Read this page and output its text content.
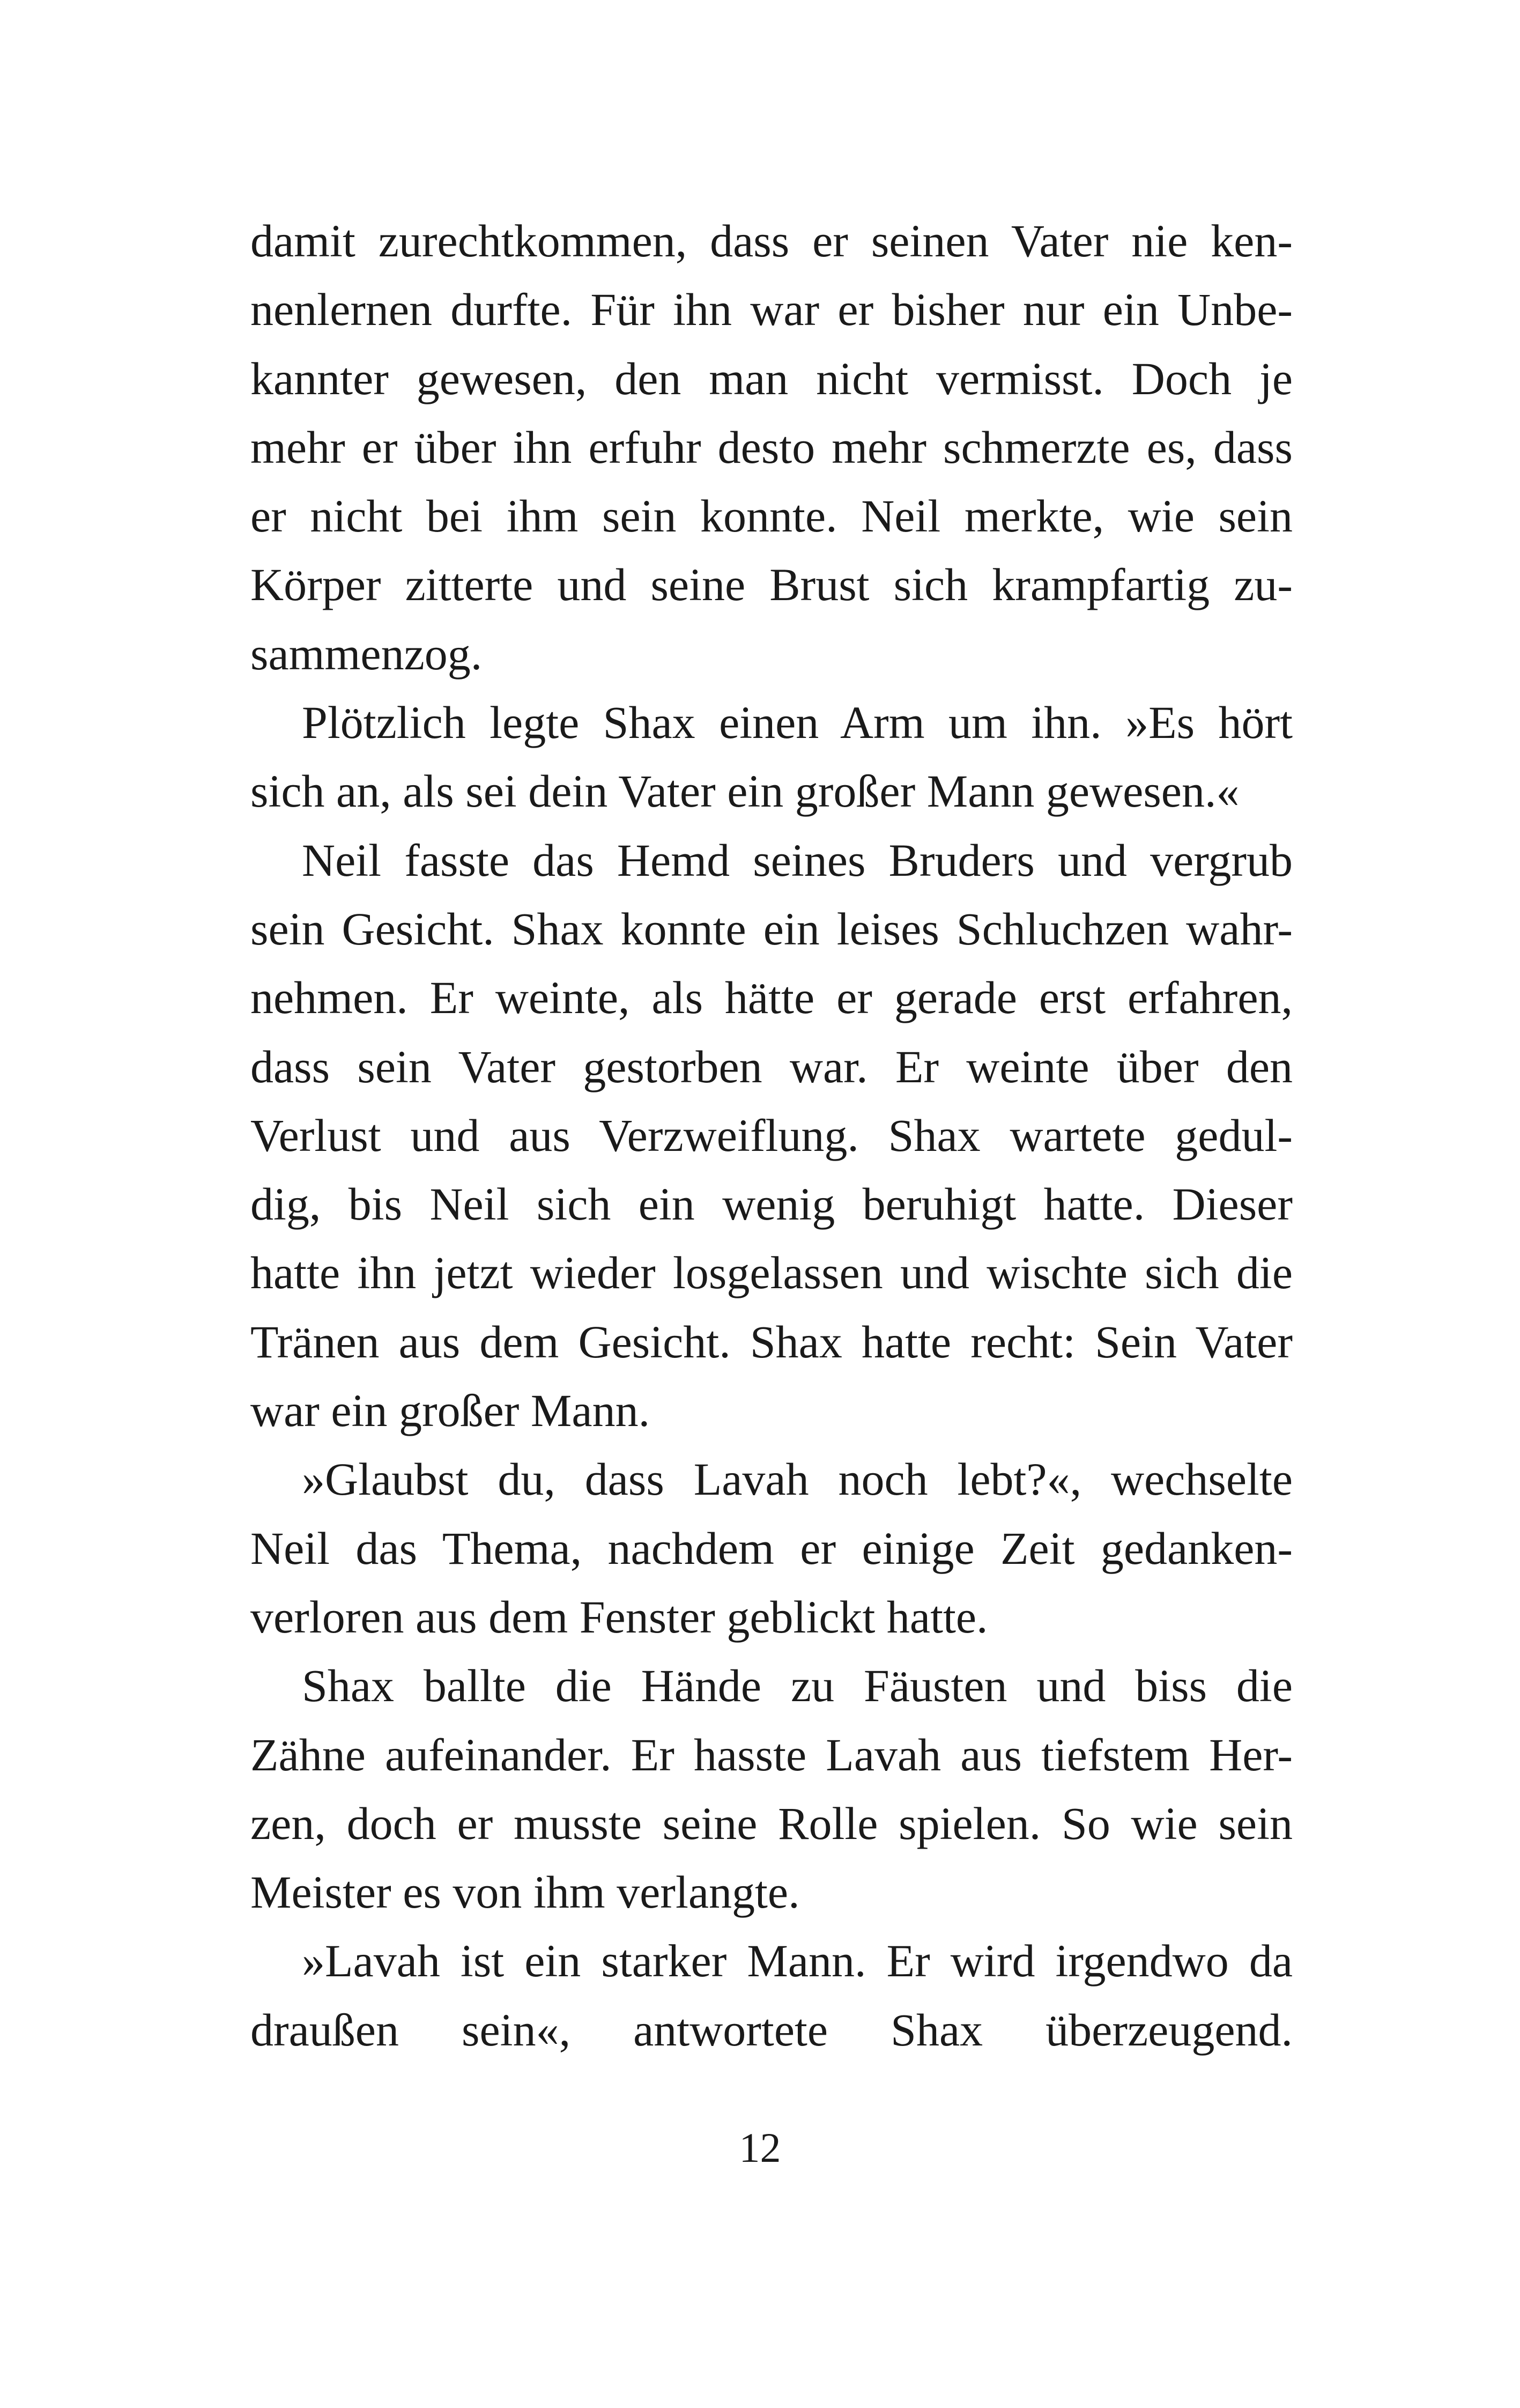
damit zurechtkommen, dass er seinen Vater nie ken-
nenlernen durfte. Für ihn war er bisher nur ein Unbe-
kannter gewesen, den man nicht vermisst. Doch je
mehr er über ihn erfuhr desto mehr schmerzte es, dass
er nicht bei ihm sein konnte. Neil merkte, wie sein
Körper zitterte und seine Brust sich krampfartig zu-
sammenzog.
Plötzlich legte Shax einen Arm um ihn. »Es hört
sich an, als sei dein Vater ein großer Mann gewesen.«
Neil fasste das Hemd seines Bruders und vergrub
sein Gesicht. Shax konnte ein leises Schluchzen wahr-
nehmen. Er weinte, als hätte er gerade erst erfahren,
dass sein Vater gestorben war. Er weinte über den
Verlust und aus Verzweiflung. Shax wartete gedul-
dig, bis Neil sich ein wenig beruhigt hatte. Dieser
hatte ihn jetzt wieder losgelassen und wischte sich die
Tränen aus dem Gesicht. Shax hatte recht: Sein Vater
war ein großer Mann.
»Glaubst du, dass Lavah noch lebt?«, wechselte
Neil das Thema, nachdem er einige Zeit gedanken-
verloren aus dem Fenster geblickt hatte.
Shax ballte die Hände zu Fäusten und biss die
Zähne aufeinander. Er hasste Lavah aus tiefstem Her-
zen, doch er musste seine Rolle spielen. So wie sein
Meister es von ihm verlangte.
»Lavah ist ein starker Mann. Er wird irgendwo da
draußen sein«, antwortete Shax überzeugend.
12
